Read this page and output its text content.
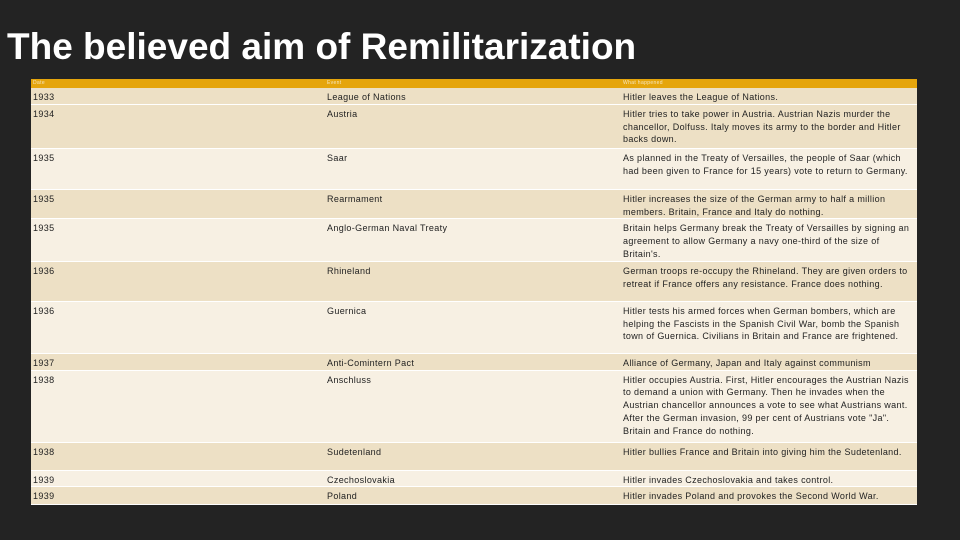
The believed aim of Remilitarization
Date	Event	What happened
1933	League of Nations	Hitler leaves the League of Nations.
1934	Austria	Hitler tries to take power in Austria. Austrian Nazis murder the chancellor, Dolfuss. Italy moves its army to the border and Hitler backs down.
1935	Saar	As planned in the Treaty of Versailles, the people of Saar (which had been given to France for 15 years) vote to return to Germany.
1935	Rearmament	Hitler increases the size of the German army to half a million members. Britain, France and Italy do nothing.
1935	Anglo-German Naval Treaty	Britain helps Germany break the Treaty of Versailles by signing an agreement to allow Germany a navy one-third of the size of Britain's.
1936	Rhineland	German troops re-occupy the Rhineland. They are given orders to retreat if France offers any resistance. France does nothing.
1936	Guernica	Hitler tests his armed forces when German bombers, which are helping the Fascists in the Spanish Civil War, bomb the Spanish town of Guernica. Civilians in Britain and France are frightened.
1937	Anti-Comintern Pact	Alliance of Germany, Japan and Italy against communism
1938	Anschluss	Hitler occupies Austria. First, Hitler encourages the Austrian Nazis to demand a union with Germany. Then he invades when the Austrian chancellor announces a vote to see what Austrians want. After the German invasion, 99 per cent of Austrians vote "Ja". Britain and France do nothing.
1938	Sudetenland	Hitler bullies France and Britain into giving him the Sudetenland.
1939	Czechoslovakia	Hitler invades Czechoslovakia and takes control.
1939	Poland	Hitler invades Poland and provokes the Second World War.
